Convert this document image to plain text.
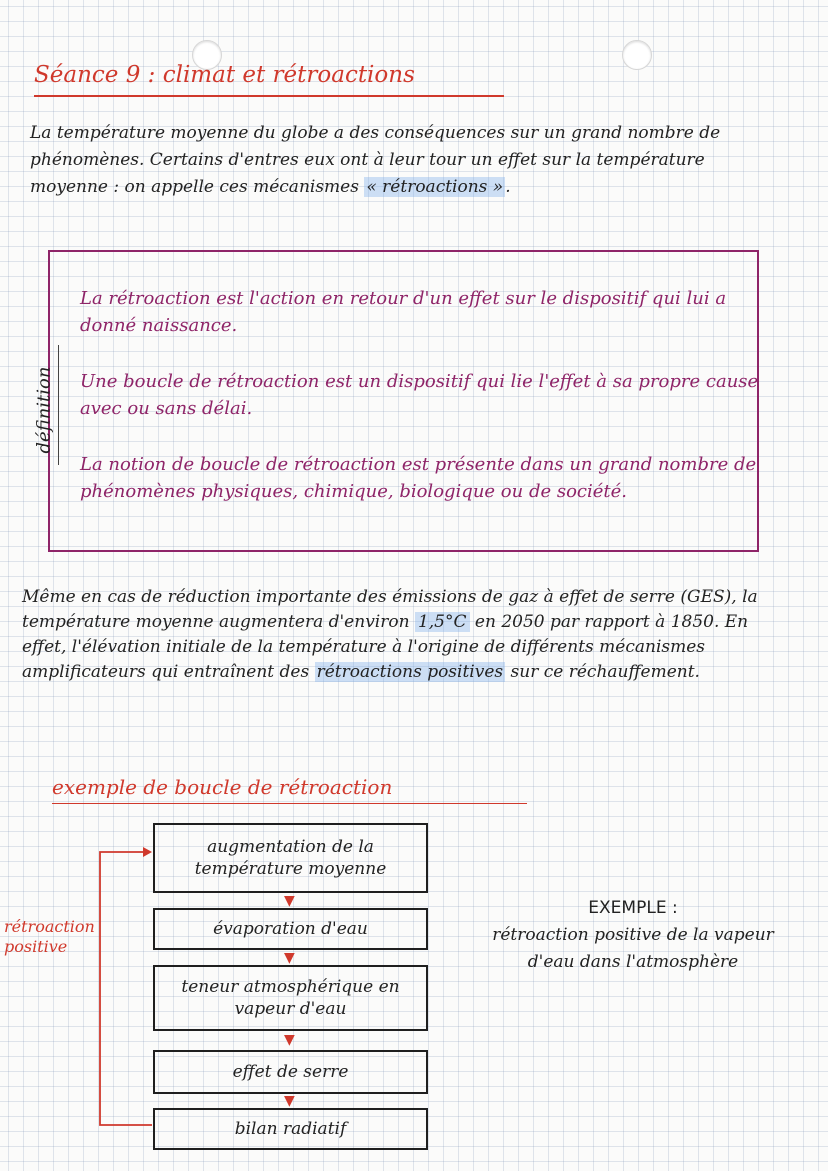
Séance 9 : climat et rétroactions
La température moyenne du globe a des conséquences sur un grand nombre de phénomènes. Certains d'entres eux ont à leur tour un effet sur la température moyenne : on appelle ces mécanismes « rétroactions » .
définition
La rétroaction est l'action en retour d'un effet sur le dispositif qui lui a donné naissance.
Une boucle de rétroaction est un dispositif qui lie l'effet à sa propre cause avec ou sans délai.
La notion de boucle de rétroaction est présente dans un grand nombre de phénomènes physiques, chimique, biologique ou de société.
Même en cas de réduction importante des émissions de gaz à effet de serre (GES), la température moyenne augmentera d'environ 1,5°C en 2050 par rapport à 1850. En effet, l'élévation initiale de la température à l'origine de différents mécanismes amplificateurs qui entraînent des rétroactions positives sur ce réchauffement.
exemple de boucle de rétroaction
rétroaction positive
augmentation de la température moyenne
▼
évaporation d'eau
▼
teneur atmosphérique en vapeur d'eau
▼
effet de serre
▼
bilan radiatif
EXEMPLE :
rétroaction positive de la vapeur d'eau dans l'atmosphère
